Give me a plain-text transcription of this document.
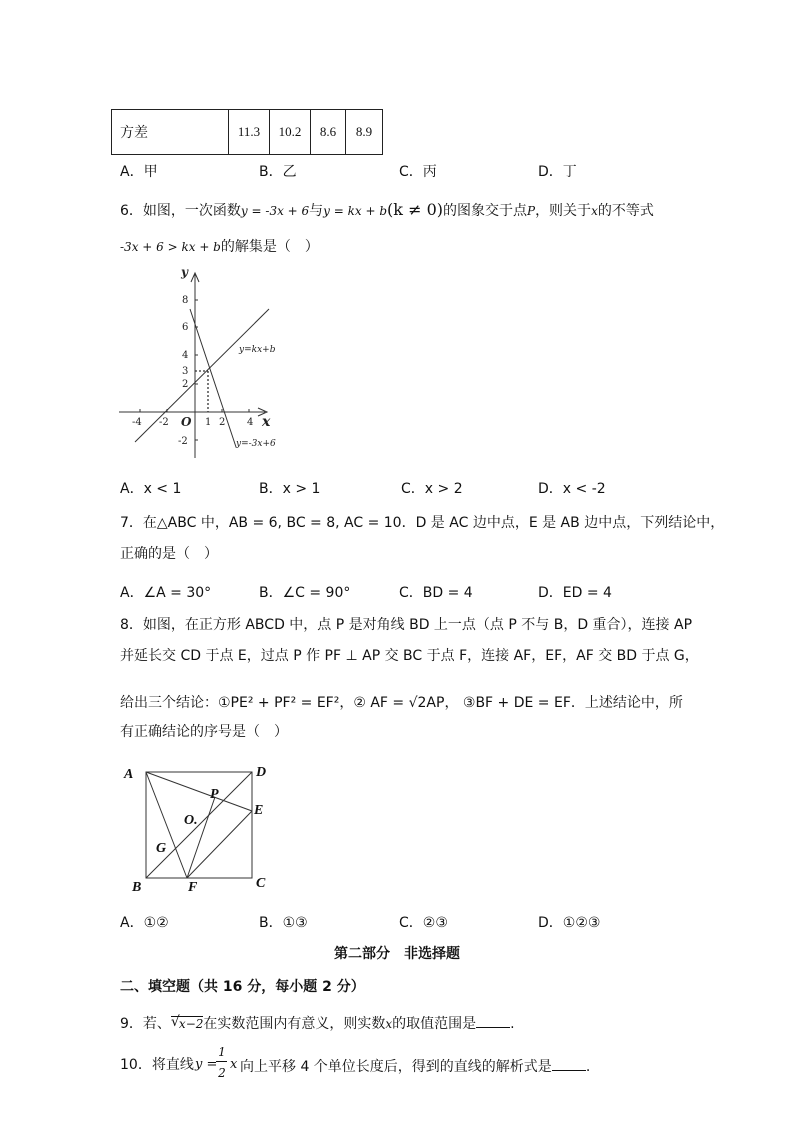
方差	11.3	10.2	8.6	8.9
A．甲	B．乙	C．丙	D．丁
6．如图，一次函数y = -3x + 6与y = kx + b(k ≠ 0)的图象交于点P，则关于x的不等式
-3x + 6 > kx + b的解集是（　）
y
x
O
8
6
4
3
2
-2
-4 -2	1 2 4
y=kx+b
y=-3x+6
A．x < 1	B．x > 1	C．x > 2	D．x < -2
7．在△ABC 中，AB = 6, BC = 8, AC = 10．D 是 AC 边中点，E 是 AB 边中点，下列结论中，
正确的是（　）
A．∠A = 30°	B．∠C = 90°	C．BD = 4	D．ED = 4
8．如图，在正方形 ABCD 中，点 P 是对角线 BD 上一点（点 P 不与 B，D 重合），连接 AP
并延长交 CD 于点 E，过点 P 作 PF ⊥ AP 交 BC 于点 F，连接 AF，EF，AF 交 BD 于点 G，
给出三个结论：①PE² + PF² = EF²，② AF = √2AP， ③BF + DE = EF．上述结论中，所
有正确结论的序号是（　）
A	D
E
P
O.
G
B	F	C
A．①②	B．①③	C．②③	D．①②③
第二部分　非选择题
二、填空题（共 16 分，每小题 2 分）
9．若、 √ x−2在实数范围内有意义，则实数x的取值范围是 .
10．将直线 y =
1
2
x 向上平移 4 个单位长度后，得到的直线的解析式是 .
